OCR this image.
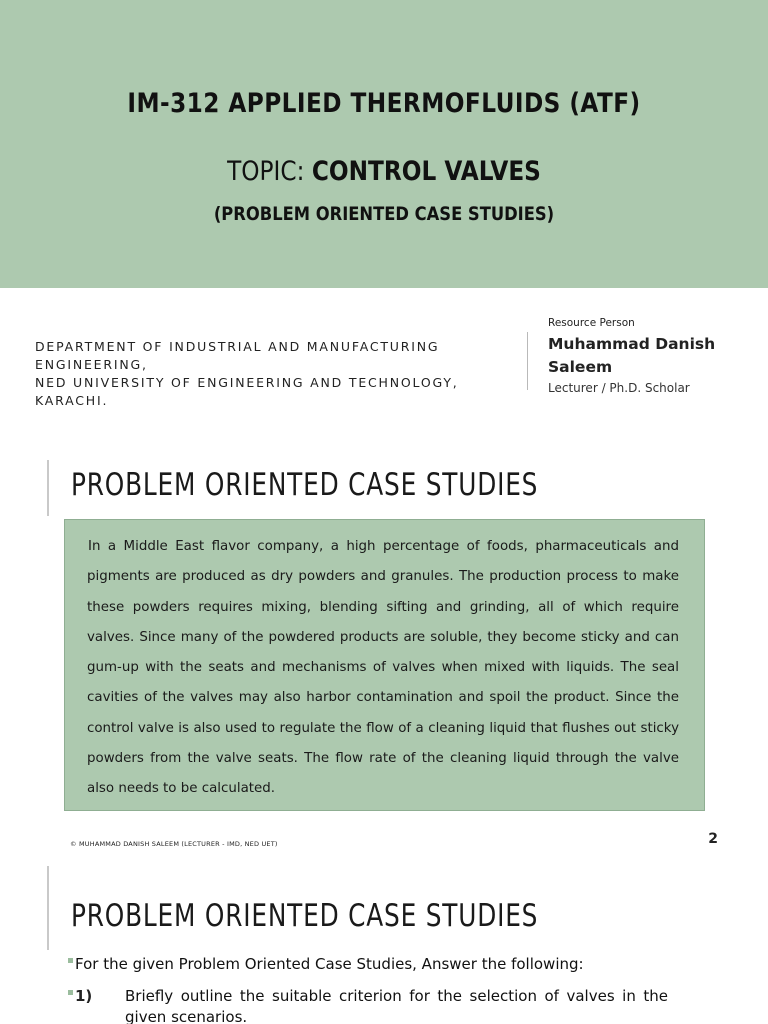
IM-312 APPLIED THERMOFLUIDS (ATF)
TOPIC: CONTROL VALVES
(PROBLEM ORIENTED CASE STUDIES)
DEPARTMENT OF INDUSTRIAL AND MANUFACTURING ENGINEERING,
NED UNIVERSITY OF ENGINEERING AND TECHNOLOGY, KARACHI.
Resource Person
Muhammad Danish Saleem
Lecturer / Ph.D. Scholar
PROBLEM ORIENTED CASE STUDIES

In a Middle East flavor company, a high percentage of foods, pharmaceuticals and pigments are produced as dry powders and granules. The production process to make these powders requires mixing, blending sifting and grinding, all of which require valves. Since many of the powdered products are soluble, they become sticky and can gum-up with the seats and mechanisms of valves when mixed with liquids. The seal cavities of the valves may also harbor contamination and spoil the product. Since the control valve is also used to regulate the flow of a cleaning liquid that flushes out sticky powders from the valve seats. The flow rate of the cleaning liquid through the valve also needs to be calculated.

© MUHAMMAD DANISH SALEEM (LECTURER - IMD, NED UET)	2
PROBLEM ORIENTED CASE STUDIES
For the given Problem Oriented Case Studies, Answer the following:
1) Briefly outline the suitable criterion for the selection of valves in the given scenarios.
